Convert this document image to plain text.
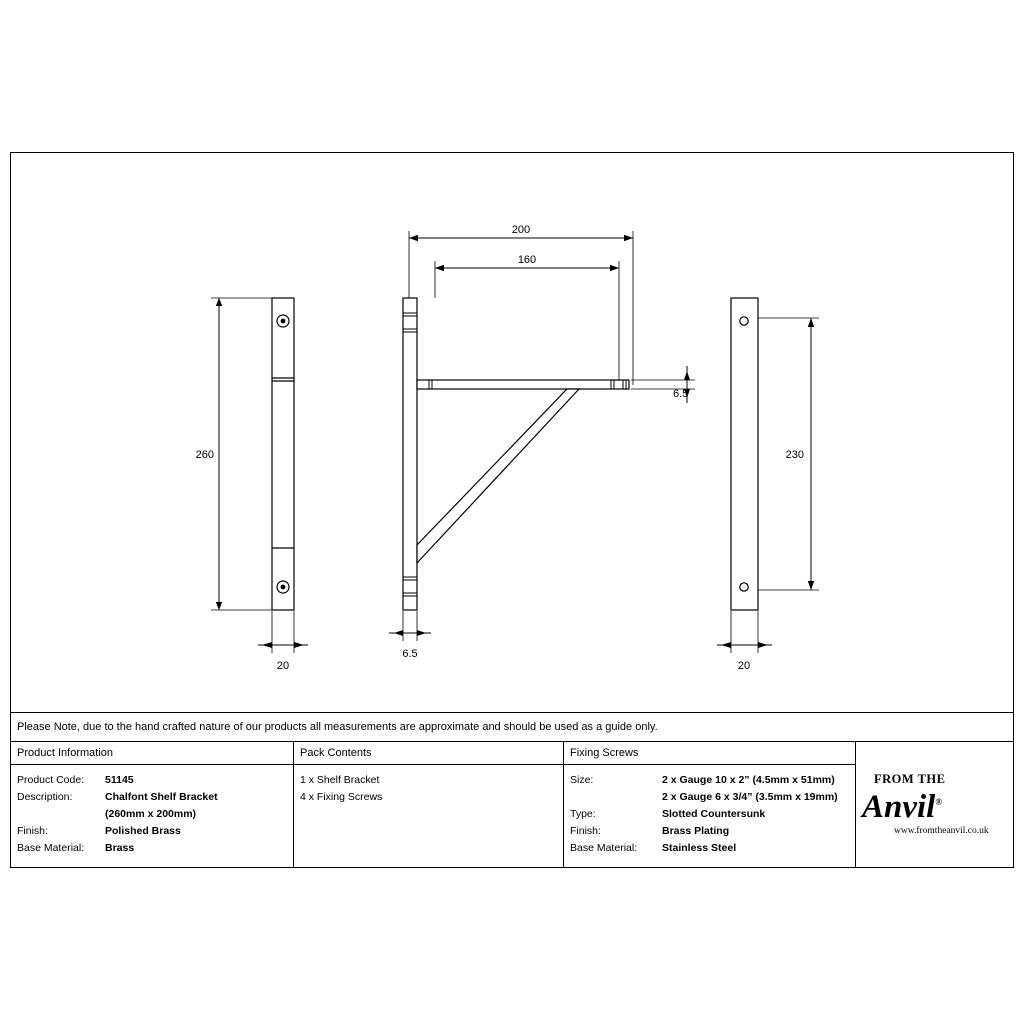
260
20
200
160
6.5
6.5
230
20
Please Note, due to the hand crafted nature of our products all measurements are approximate and should be used as a guide only.
Product Information
Product Code:	51145
Description:	Chalfont Shelf Bracket
(260mm x 200mm)
Finish:	Polished Brass
Base Material:	Brass
Pack Contents
1 x Shelf Bracket
4 x Fixing Screws
Fixing Screws
Size:	2 x Gauge 10 x 2” (4.5mm x 51mm)
2 x Gauge 6 x 3/4” (3.5mm x 19mm)
Type:	Slotted Countersunk
Finish:	Brass Plating
Base Material:	Stainless Steel
FROM THE
Anvil®
www.fromtheanvil.co.uk
